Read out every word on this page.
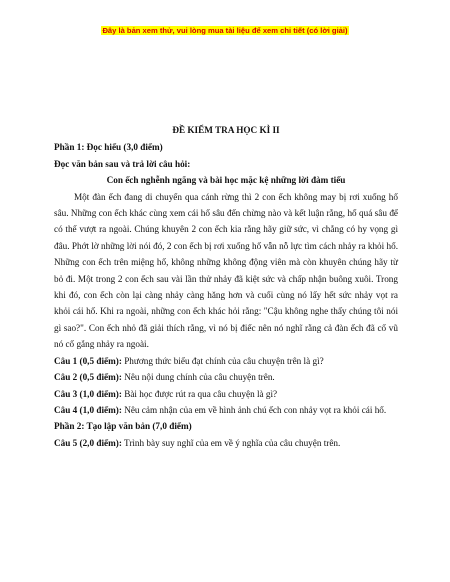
Đây là bản xem thử, vui lòng mua tài liệu để xem chi tiết (có lời giải)

ĐỀ KIỂM TRA HỌC KÌ II

Phần 1: Đọc hiểu (3,0 điểm)

Đọc văn bản sau và trả lời câu hỏi:

Con ếch nghễnh ngãng và bài học mặc kệ những lời đàm tiếu

Một đàn ếch đang di chuyển qua cánh rừng thì 2 con ếch không may bị rơi xuống hố sâu. Những con ếch khác cùng xem cái hố sâu đến chừng nào và kết luận rằng, hố quá sâu để có thể vượt ra ngoài. Chúng khuyên 2 con ếch kia rằng hãy giữ sức, vì chẳng có hy vọng gì đâu. Phớt lờ những lời nói đó, 2 con ếch bị rơi xuống hố vẫn nỗ lực tìm cách nhảy ra khỏi hố. Những con ếch trên miệng hố, không những không động viên mà còn khuyên chúng hãy từ bỏ đi. Một trong 2 con ếch sau vài lần thử nhảy đã kiệt sức và chấp nhận buông xuôi. Trong khi đó, con ếch còn lại càng nhảy càng hăng hơn và cuối cùng nó lấy hết sức nhảy vọt ra khỏi cái hố. Khi ra ngoài, những con ếch khác hỏi rằng: "Cậu không nghe thấy chúng tôi nói gì sao?". Con ếch nhỏ đã giải thích rằng, vì nó bị điếc nên nó nghĩ rằng cả đàn ếch đã cổ vũ nó cố gắng nhảy ra ngoài.

Câu 1 (0,5 điểm): Phương thức biểu đạt chính của câu chuyện trên là gì?

Câu 2 (0,5 điểm): Nêu nội dung chính của câu chuyện trên.

Câu 3 (1,0 điểm): Bài học được rút ra qua câu chuyện là gì?

Câu 4 (1,0 điểm): Nêu cảm nhận của em về hình ảnh chú ếch con nhảy vọt ra khỏi cái hố.

Phần 2: Tạo lập văn bản (7,0 điểm)

Câu 5 (2,0 điểm): Trình bày suy nghĩ của em về ý nghĩa của câu chuyện trên.
